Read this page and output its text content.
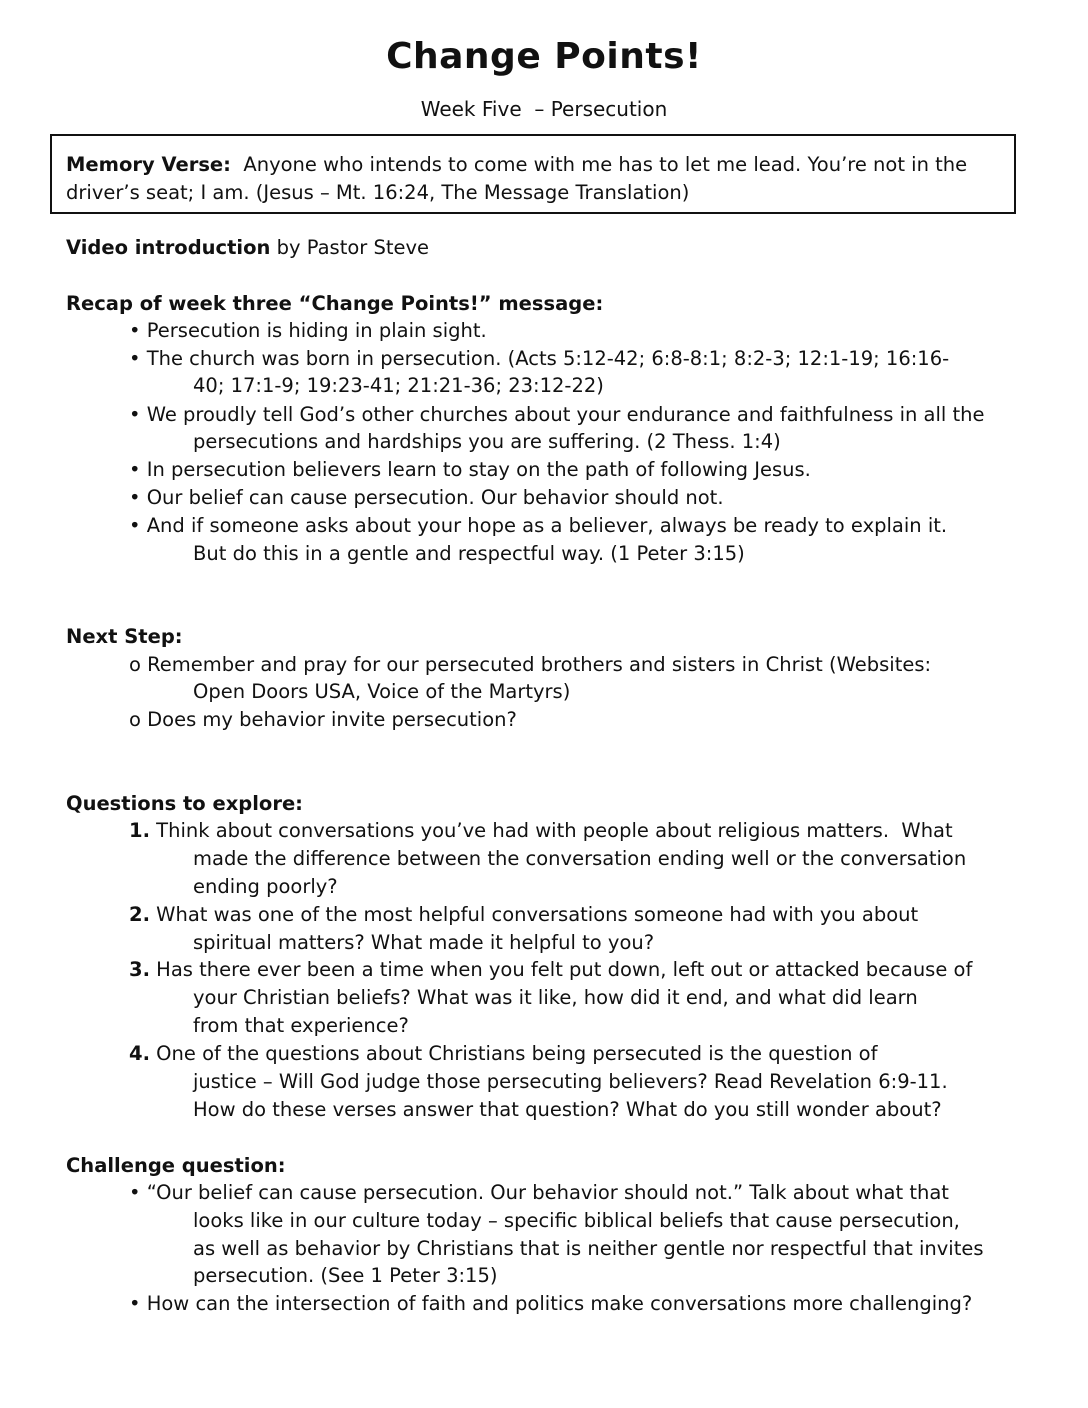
Change Points!
Week Five  – Persecution
Memory Verse: Anyone who intends to come with me has to let me lead. You’re not in the
driver’s seat; I am. (Jesus – Mt. 16:24, The Message Translation)
Video introduction by Pastor Steve
Recap of week three “Change Points!” message:
• Persecution is hiding in plain sight.
• The church was born in persecution. (Acts 5:12-42; 6:8-8:1; 8:2-3; 12:1-19; 16:16-
40; 17:1-9; 19:23-41; 21:21-36; 23:12-22)
• We proudly tell God’s other churches about your endurance and faithfulness in all the
persecutions and hardships you are suffering. (2 Thess. 1:4)
• In persecution believers learn to stay on the path of following Jesus.
• Our belief can cause persecution. Our behavior should not.
• And if someone asks about your hope as a believer, always be ready to explain it.
But do this in a gentle and respectful way. (1 Peter 3:15)
Next Step:
o Remember and pray for our persecuted brothers and sisters in Christ (Websites:
Open Doors USA, Voice of the Martyrs)
o Does my behavior invite persecution?
Questions to explore:
1. Think about conversations you’ve had with people about religious matters.  What
made the difference between the conversation ending well or the conversation
ending poorly?
2. What was one of the most helpful conversations someone had with you about
spiritual matters? What made it helpful to you?
3. Has there ever been a time when you felt put down, left out or attacked because of
your Christian beliefs? What was it like, how did it end, and what did learn
from that experience?
4. One of the questions about Christians being persecuted is the question of
justice – Will God judge those persecuting believers? Read Revelation 6:9-11.
How do these verses answer that question? What do you still wonder about?
Challenge question:
• “Our belief can cause persecution. Our behavior should not.” Talk about what that
looks like in our culture today – specific biblical beliefs that cause persecution,
as well as behavior by Christians that is neither gentle nor respectful that invites
persecution. (See 1 Peter 3:15)
• How can the intersection of faith and politics make conversations more challenging?
